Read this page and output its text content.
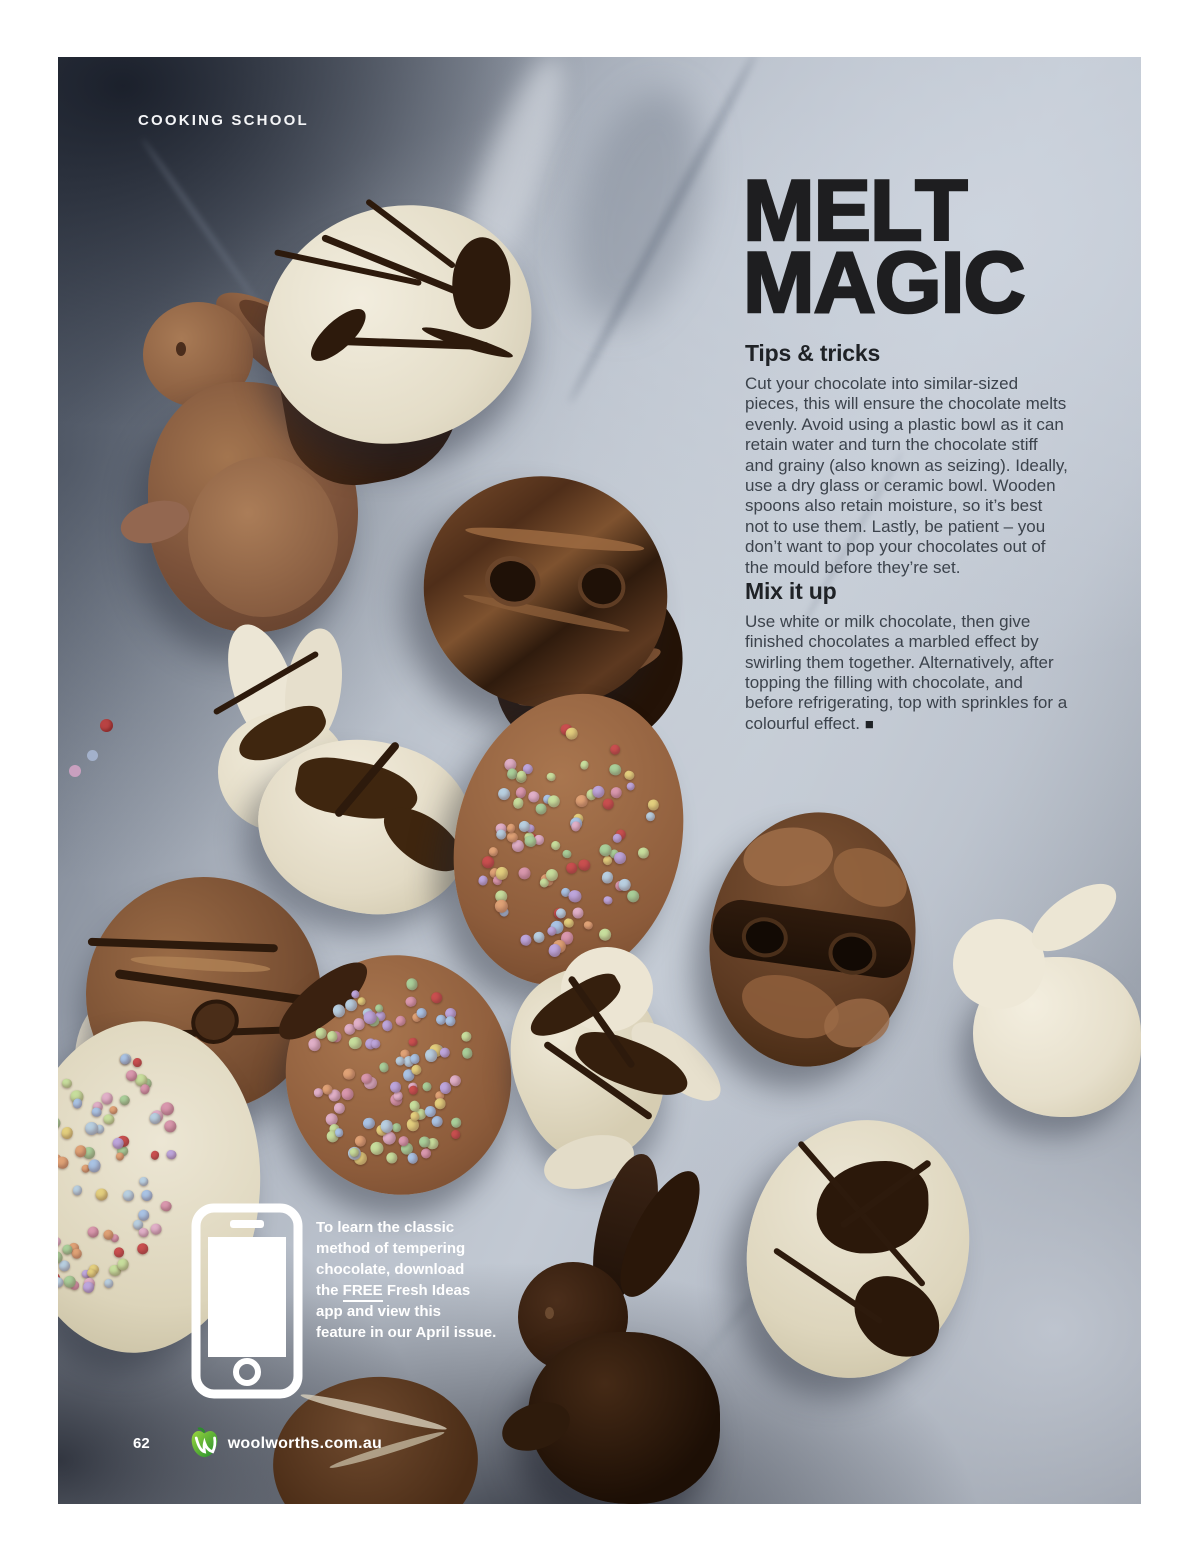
COOKING SCHOOL
MELT
MAGIC
Tips & tricks

Cut your chocolate into similar-sized pieces, this will ensure the chocolate melts evenly. Avoid using a plastic bowl as it can retain water and turn the chocolate stiff and grainy (also known as seizing). Ideally, use a dry glass or ceramic bowl. Wooden spoons also retain moisture, so it’s best not to use them. Lastly, be patient – you don’t want to pop your chocolates out of the mould before they’re set.

Mix it up

Use white or milk chocolate, then give finished chocolates a marbled effect by swirling them together. Alternatively, after topping the filling with chocolate, and before refrigerating, top with sprinkles for a colourful effect. ■

To learn the classic
method of tempering
chocolate, download
the FREE Fresh Ideas
app and view this
feature in our April issue.
62	woolworths.com.au
